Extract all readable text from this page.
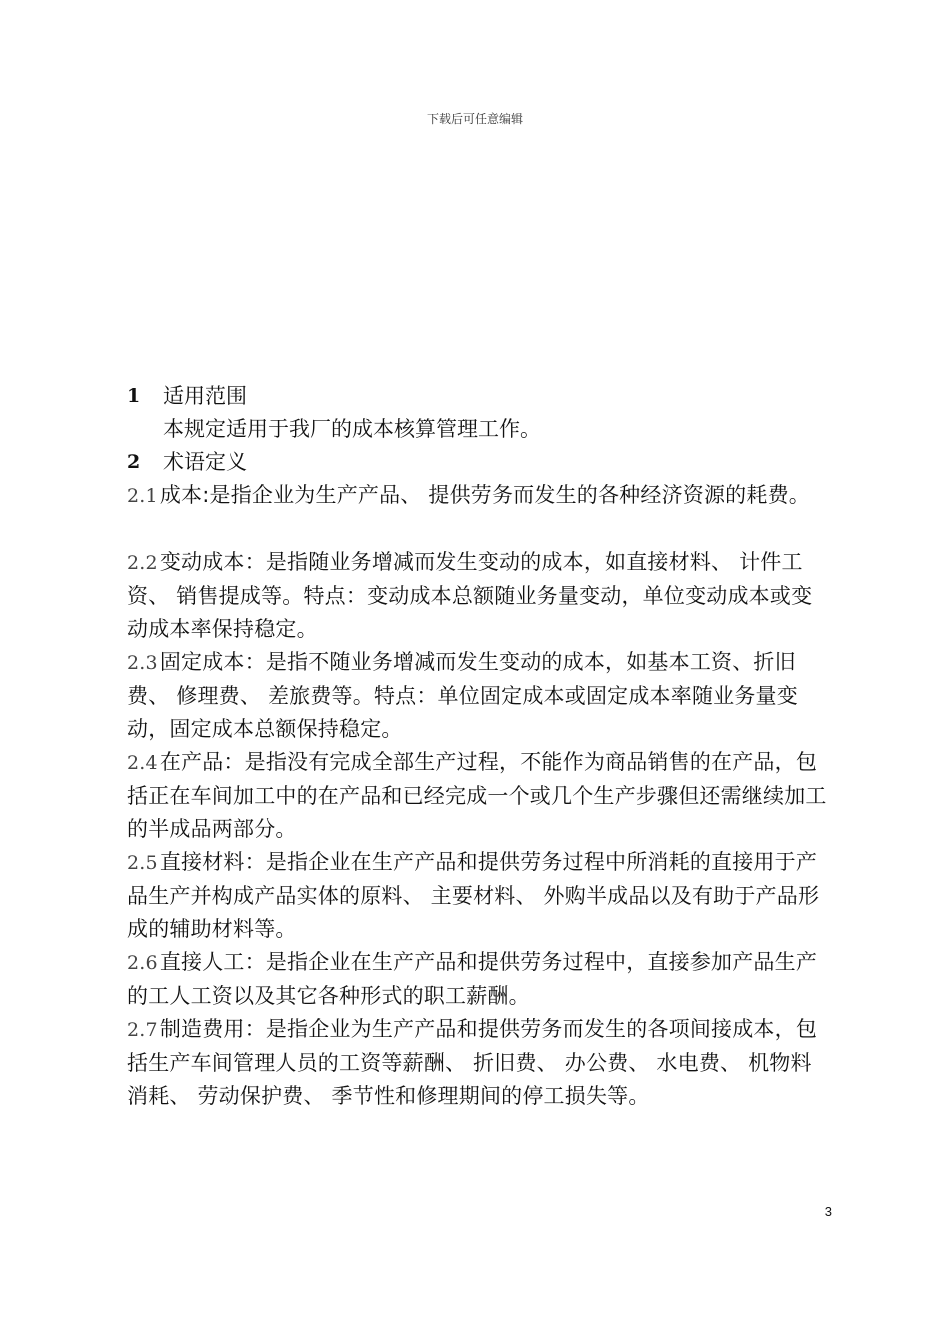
下载后可任意编辑
1	适用范围

本规定适用于我厂的成本核算管理工作。

2	术语定义

2.1成本:是指企业为生产产品、 提供劳务而发生的各种经济资源的耗费。

2.2变动成本：是指随业务增减而发生变动的成本，如直接材料、 计件工资、 销售提成等。特点：变动成本总额随业务量变动，单位变动成本或变动成本率保持稳定。

2.3固定成本：是指不随业务增减而发生变动的成本，如基本工资、折旧费、 修理费、 差旅费等。特点：单位固定成本或固定成本率随业务量变动，固定成本总额保持稳定。

2.4在产品：是指没有完成全部生产过程，不能作为商品销售的在产品，包括正在车间加工中的在产品和已经完成一个或几个生产步骤但还需继续加工的半成品两部分。

2.5直接材料：是指企业在生产产品和提供劳务过程中所消耗的直接用于产品生产并构成产品实体的原料、 主要材料、 外购半成品以及有助于产品形成的辅助材料等。

2.6直接人工：是指企业在生产产品和提供劳务过程中，直接参加产品生产的工人工资以及其它各种形式的职工薪酬。

2.7制造费用：是指企业为生产产品和提供劳务而发生的各项间接成本，包括生产车间管理人员的工资等薪酬、 折旧费、 办公费、 水电费、 机物料消耗、 劳动保护费、 季节性和修理期间的停工损失等。

3
